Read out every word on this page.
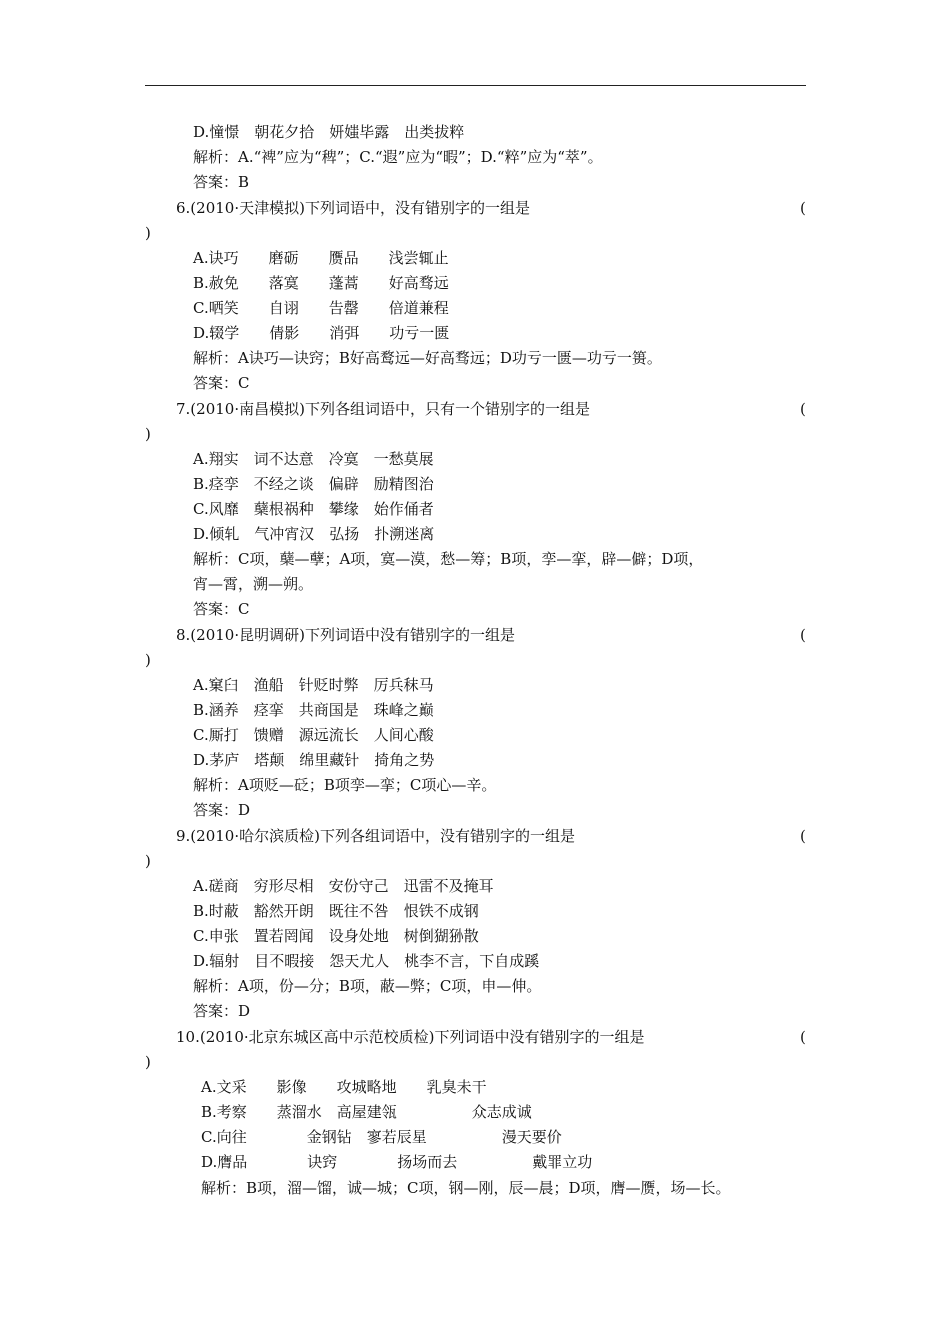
D.憧憬　朝花夕拾　妍媸毕露　出类拔粹
解析：A.“裨”应为“稗”；C.“遐”应为“暇”；D.“粹”应为“萃”。
答案：B
6.(2010·天津模拟)下列词语中，没有错别字的一组是	(
)
A.诀巧　　磨砺　　赝品　　浅尝辄止
B.赦免　　落寞　　蓬蒿　　好高骛远
C.哂笑　　自诩　　告罄　　倍道兼程
D.辍学　　倩影　　消弭　　功亏一匮
解析：A诀巧—诀窍；B好高鹜远—好高骛远；D功亏一匮—功亏一篑。
答案：C
7.(2010·南昌模拟)下列各组词语中，只有一个错别字的一组是	(
)
A.翔实　词不达意　冷寞　一愁莫展
B.痉孪　不经之谈　偏辟　励精图治
C.风靡　蘖根祸种　攀缘　始作俑者
D.倾轧　气冲宵汉　弘扬　扑溯迷离
解析：C项，蘖—孽；A项，寞—漠，愁—筹；B项，孪—挛，辟—僻；D项，
宵—霄，溯—朔。
答案：C
8.(2010·昆明调研)下列词语中没有错别字的一组是	(
)
A.窠臼　渔船　针贬时弊　厉兵秣马
B.涵养　痉挛　共商国是　珠峰之巅
C.厮打　馈赠　源远流长　人间心酸
D.茅庐　塔颠　绵里藏针　掎角之势
解析：A项贬—砭；B项孪—挛；C项心—辛。
答案：D
9.(2010·哈尔滨质检)下列各组词语中，没有错别字的一组是	(
)
A.磋商　穷形尽相　安份守己　迅雷不及掩耳
B.时蔽　豁然开朗　既往不咎　恨铁不成钢
C.申张　置若罔闻　设身处地　树倒猢狲散
D.辐射　目不暇接　怨天尤人　桃李不言，下自成蹊
解析：A项，份—分；B项，蔽—弊；C项，申—伸。
答案：D
10.(2010·北京东城区高中示范校质检)下列词语中没有错别字的一组是	(
)
A.文采　　影像　　攻城略地　　乳臭未干
B.考察　　蒸溜水　高屋建瓴　　　　　众志成诚
C.向往　　　　金钢钻　寥若辰星　　　　　漫天要价
D.膺品　　　　诀窍　　　　扬场而去　　　　　戴罪立功
解析：B项，溜—馏，诚—城；C项，钢—刚，辰—晨；D项，膺—赝，场—长。
